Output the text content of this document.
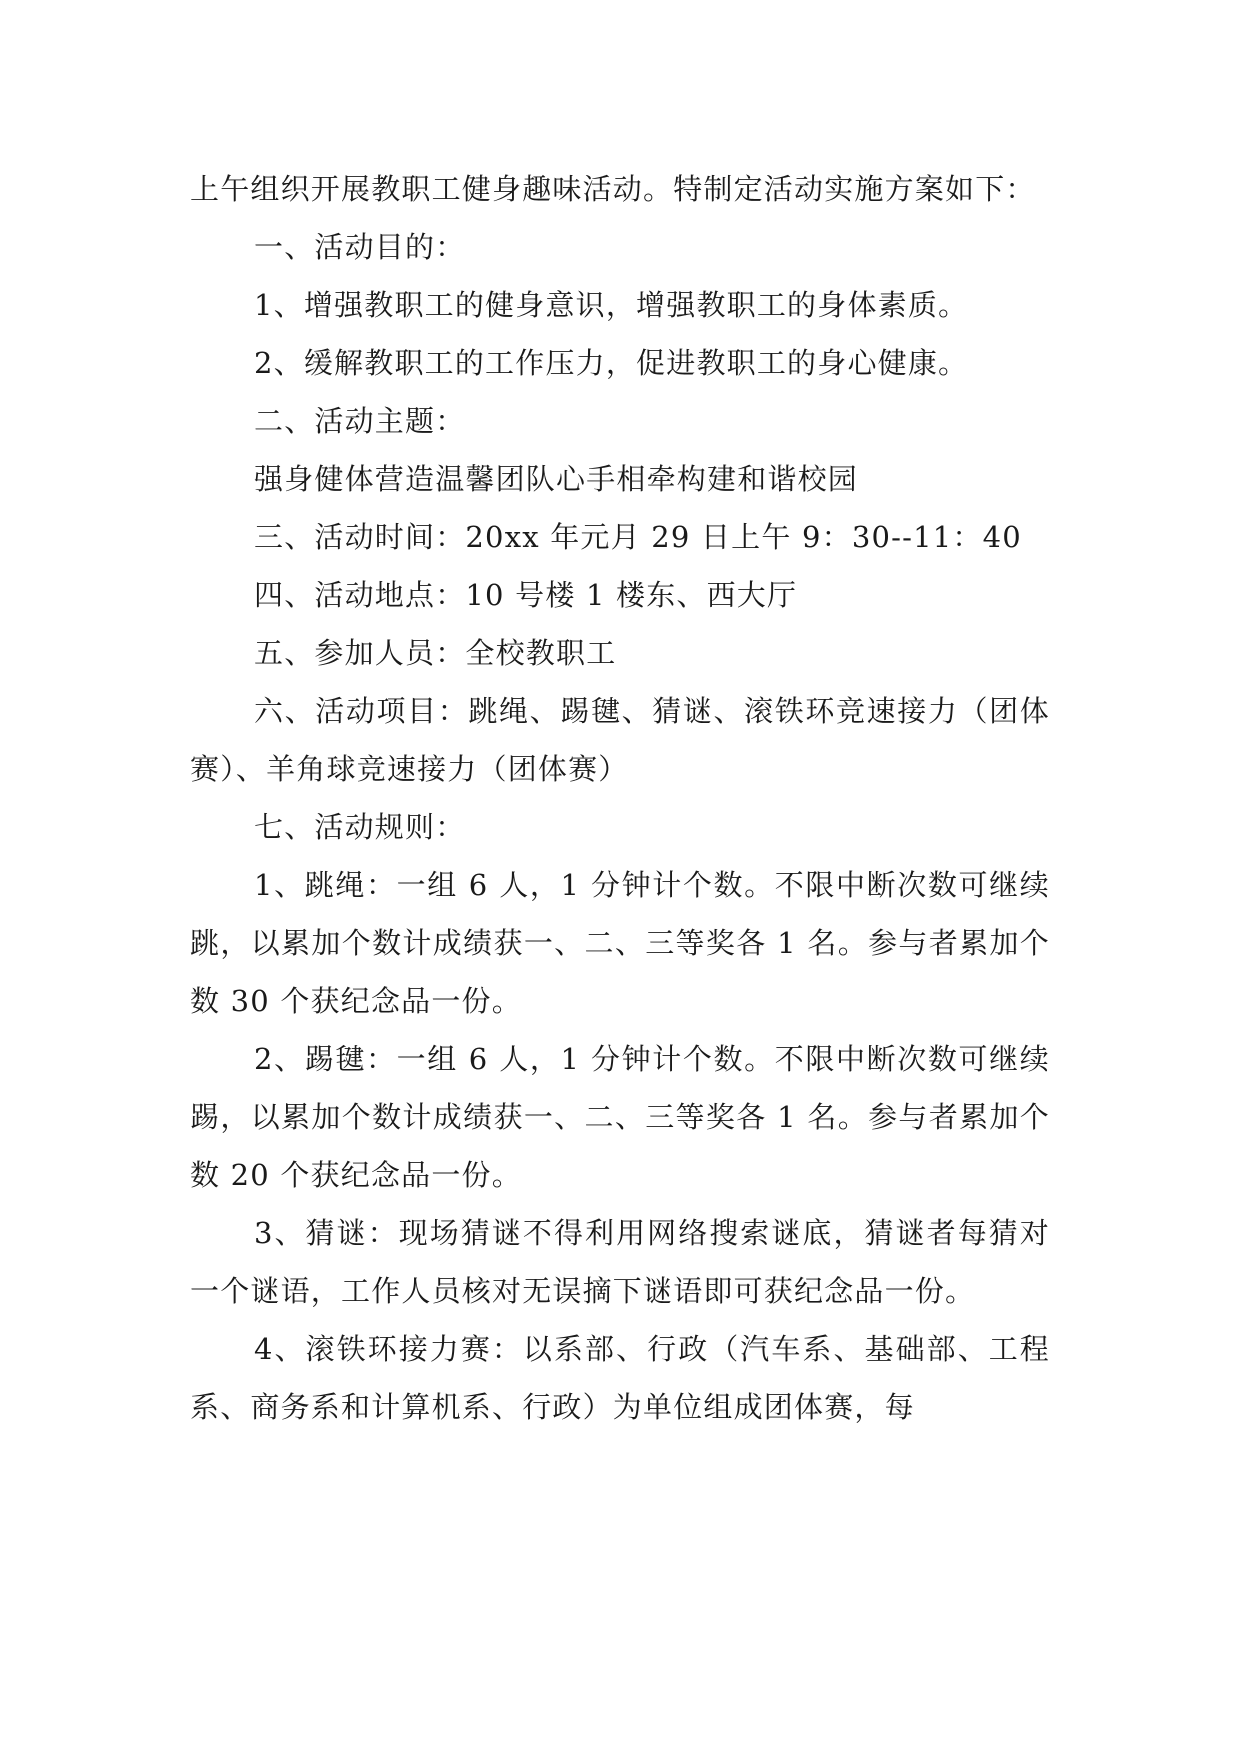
上午组织开展教职工健身趣味活动。特制定活动实施方案如下：

一、活动目的：

1、增强教职工的健身意识，增强教职工的身体素质。

2、缓解教职工的工作压力，促进教职工的身心健康。

二、活动主题：

强身健体营造温馨团队心手相牵构建和谐校园

三、活动时间：20xx 年元月 29 日上午 9：30--11：40

四、活动地点：10 号楼 1 楼东、西大厅

五、参加人员：全校教职工

六、活动项目：跳绳、踢毽、猜谜、滚铁环竞速接力（团体赛）、羊角球竞速接力（团体赛）

七、活动规则：

1、跳绳：一组 6 人，1 分钟计个数。不限中断次数可继续跳，以累加个数计成绩获一、二、三等奖各 1 名。参与者累加个数 30 个获纪念品一份。

2、踢毽：一组 6 人，1 分钟计个数。不限中断次数可继续踢，以累加个数计成绩获一、二、三等奖各 1 名。参与者累加个数 20 个获纪念品一份。

3、猜谜：现场猜谜不得利用网络搜索谜底，猜谜者每猜对一个谜语，工作人员核对无误摘下谜语即可获纪念品一份。

4、滚铁环接力赛：以系部、行政（汽车系、基础部、工程系、商务系和计算机系、行政）为单位组成团体赛，每
